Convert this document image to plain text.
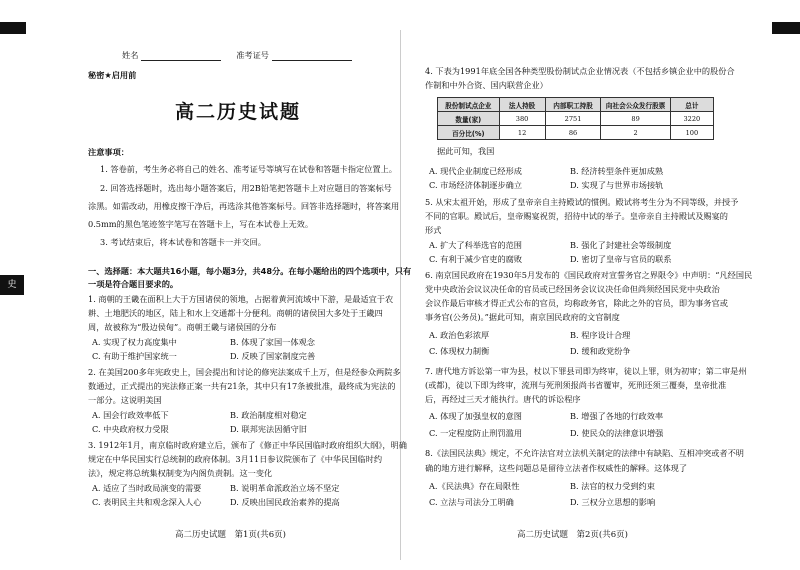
史
姓名	准考证号
秘密★启用前
高二历史试题
注意事项：
1. 答卷前，考生务必将自己的姓名、准考证号等填写在试卷和答题卡指定位置上。
2. 回答选择题时，选出每小题答案后，用2B铅笔把答题卡上对应题目的答案标号
涂黑。如需改动，用橡皮擦干净后，再选涂其他答案标号。回答非选择题时，将答案用
0.5mm的黑色笔迹签字笔写在答题卡上，写在本试卷上无效。
3. 考试结束后，将本试卷和答题卡一并交回。
一、选择题：本大题共16小题，每小题3分，共48分。在每小题给出的四个选项中，只有
一项是符合题目要求的。
1. 商朝的王畿在面积上大于方国诸侯的领地，占据着黄河流域中下游，是最适宜于农
耕、土地肥沃的地区，陆上和水上交通都十分便利。商朝的诸侯国大多处于王畿四
周，故被称为“殷边侯甸”。商朝王畿与诸侯国的分布
A. 实现了权力高度集中	B. 体现了家国一体观念
C. 有助于维护国家统一	D. 反映了国家制度完善
2. 在美国200多年宪政史上，国会提出和讨论的修宪法案成千上万，但是经参众两院多
数通过，正式提出的宪法修正案一共有21条，其中只有17条被批准，最终成为宪法的
一部分。这说明美国
A. 国会行政效率低下	B. 政治制度相对稳定
C. 中央政府权力受限	D. 联邦宪法因循守旧
3. 1912年1月，南京临时政府建立后，颁布了《修正中华民国临时政府组织大纲》，明确
规定在中华民国实行总统制的政府体制。3月11日参议院颁布了《中华民国临时约
法》，规定将总统集权制变为内阁负责制。这一变化
A. 适应了当时政局演变的需要	B. 说明革命派政治立场不坚定
C. 表明民主共和观念深入人心	D. 反映出国民政治素养的提高
高二历史试题　第1页(共6页)
4. 下表为1991年底全国各种类型股份制试点企业情况表（不包括乡镇企业中的股份合
作制和中外合资、国内联营企业）
股份制试点企业	法人持股	内部职工持股	向社会公众发行股票	总计
数量(家)	380	2751	89	3220
百分比(%)	12	86	2	100
据此可知，我国
A. 现代企业制度已经形成	B. 经济转型条件更加成熟
C. 市场经济体制逐步确立	D. 实现了与世界市场接轨
5. 从宋太祖开始，形成了皇帝亲自主持殿试的惯例。殿试将考生分为不同等级，并授予
不同的官职。殿试后，皇帝赐宴祝贺，招待中试的举子。皇帝亲自主持殿试及赐宴的
形式
A. 扩大了科举选官的范围	B. 强化了封建社会等级制度
C. 有利于减少官吏的腐败	D. 密切了皇帝与官员的联系
6. 南京国民政府在1930年5月发布的《国民政府对宣誓务官之界限令》中声明：“凡经国民
党中央政治会议议决任命的官员或已经国务会议议决任命但尚须经国民党中央政治
会议作最后审核才得正式公布的官员，均称政务官，除此之外的官员，即为事务官或
事务官(公务员)。”据此可知，南京国民政府的文官制度
A. 政治色彩浓厚	B. 程序设计合理
C. 体现权力制衡	D. 缓和政党纷争
7. 唐代地方诉讼第一审为县，杖以下罪县司即为终审，徒以上罪，则为初审；第二审是州
(或都)，徒以下即为终审，流刑与死刑须报尚书省覆审，死刑还须三覆奏，皇帝批准
后，再经过三天才能执行。唐代的诉讼程序
A. 体现了加强皇权的意图	B. 增强了各地的行政效率
C. 一定程度防止刑罚滥用	D. 使民众的法律意识增强
8.《法国民法典》规定，不允许法官对立法机关制定的法律中有缺陷、互相冲突或者不明
确的地方进行解释，这些问题总是留待立法者作权威性的解释。这体现了
A.《民法典》存在局限性	B. 法官的权力受到约束
C. 立法与司法分工明确	D. 三权分立思想的影响
高二历史试题　第2页(共6页)
